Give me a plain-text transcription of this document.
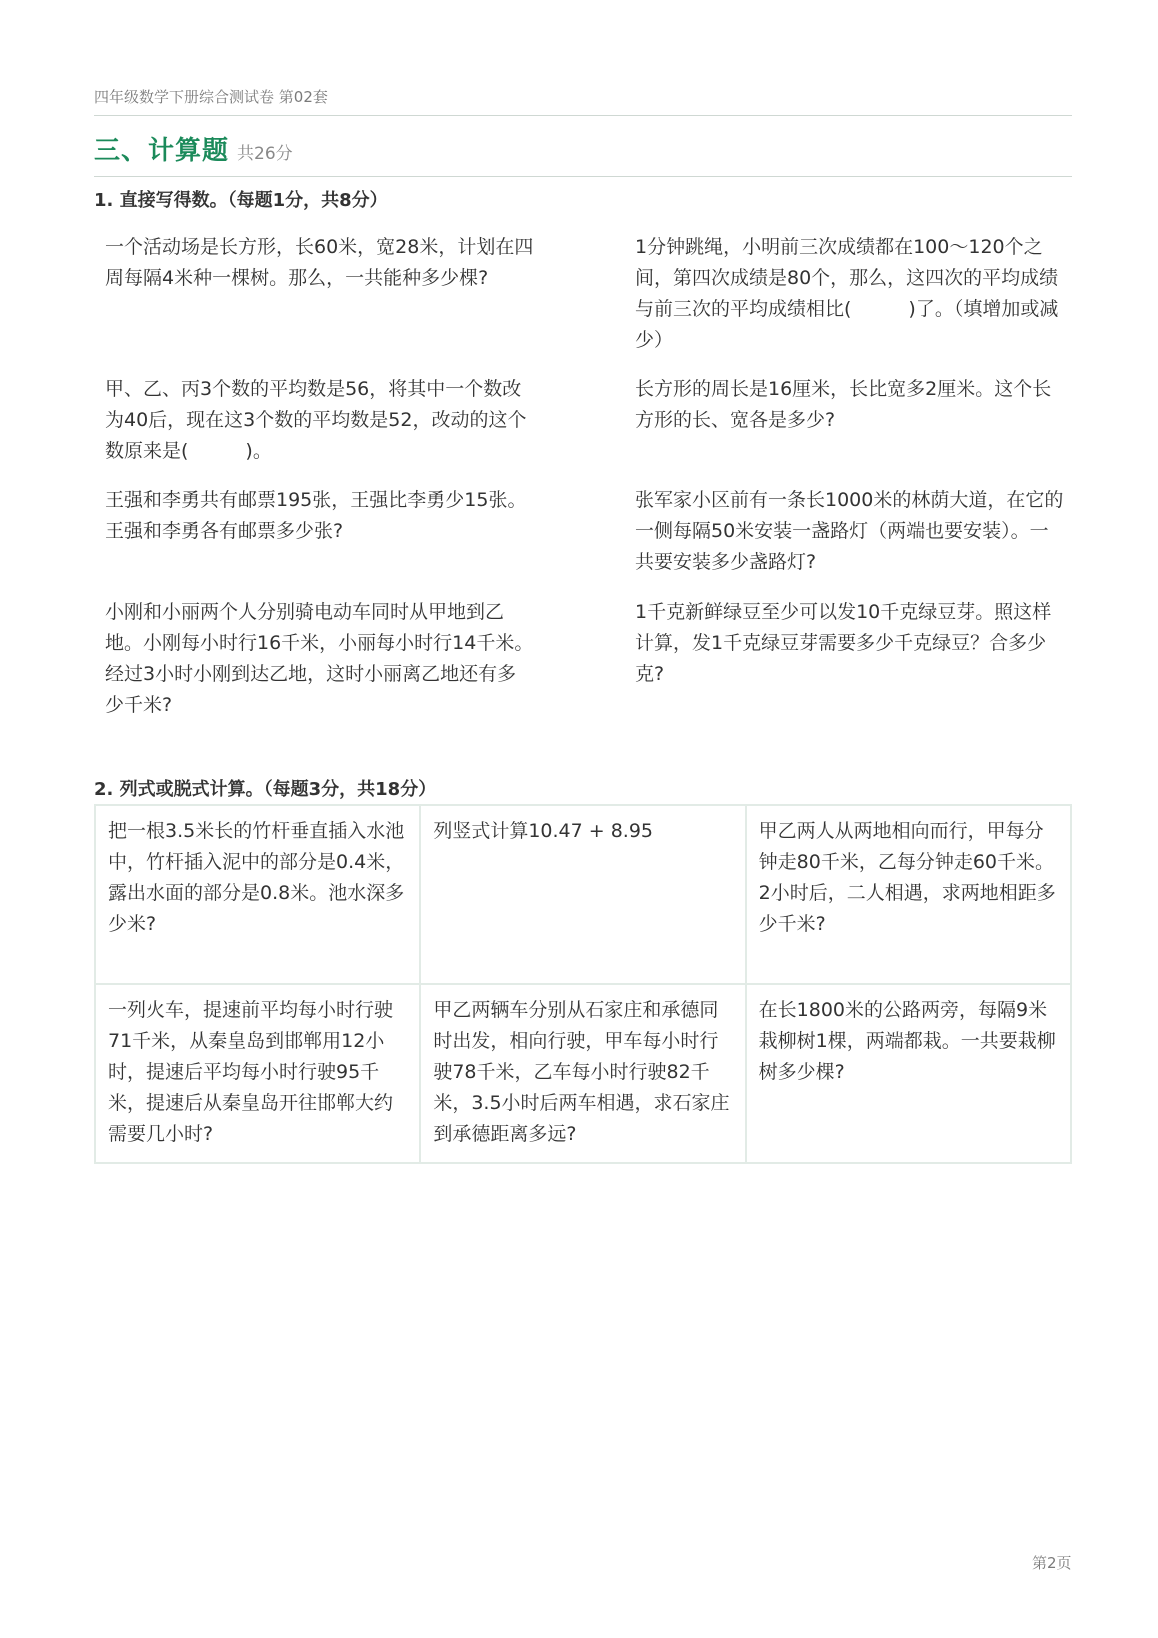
四年级数学下册综合测试卷 第02套
三、计算题 共26分
1. 直接写得数。（每题1分，共8分）
一个活动场是长方形，长60米，宽28米，计划在四周每隔4米种一棵树。那么，一共能种多少棵?
1分钟跳绳，小明前三次成绩都在100～120个之间，第四次成绩是80个，那么，这四次的平均成绩与前三次的平均成绩相比(　　　)了。（填增加或减少）
甲、乙、丙3个数的平均数是56，将其中一个数改为40后，现在这3个数的平均数是52，改动的这个数原来是(　　　)。
长方形的周长是16厘米，长比宽多2厘米。这个长方形的长、宽各是多少?
王强和李勇共有邮票195张，王强比李勇少15张。王强和李勇各有邮票多少张?
张军家小区前有一条长1000米的林荫大道，在它的一侧每隔50米安装一盏路灯（两端也要安装）。一共要安装多少盏路灯?
小刚和小丽两个人分别骑电动车同时从甲地到乙地。小刚每小时行16千米，小丽每小时行14千米。经过3小时小刚到达乙地，这时小丽离乙地还有多少千米?
1千克新鲜绿豆至少可以发10千克绿豆芽。照这样计算，发1千克绿豆芽需要多少千克绿豆？合多少克?
2. 列式或脱式计算。（每题3分，共18分）
把一根3.5米长的竹杆垂直插入水池中，竹杆插入泥中的部分是0.4米，露出水面的部分是0.8米。池水深多少米?	列竖式计算10.47 + 8.95	甲乙两人从两地相向而行，甲每分钟走80千米，乙每分钟走60千米。2小时后，二人相遇，求两地相距多少千米?
一列火车，提速前平均每小时行驶71千米，从秦皇岛到邯郸用12小时，提速后平均每小时行驶95千米，提速后从秦皇岛开往邯郸大约需要几小时?	甲乙两辆车分别从石家庄和承德同时出发，相向行驶，甲车每小时行驶78千米，乙车每小时行驶82千米，3.5小时后两车相遇，求石家庄到承德距离多远?	在长1800米的公路两旁，每隔9米栽柳树1棵，两端都栽。一共要栽柳树多少棵?
第2页
